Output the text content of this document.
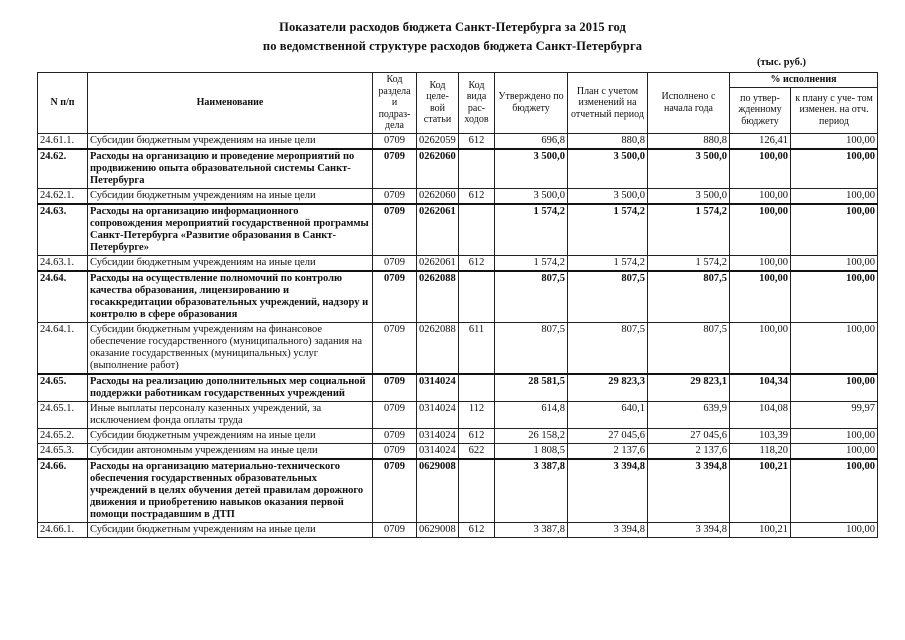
Показатели расходов бюджета Санкт-Петербурга за 2015 год
по ведомственной структуре расходов бюджета Санкт-Петербурга
(тыс. руб.)
N п/п	Наименование	Код раздела и подраз- дела	Код целе- вой статьи	Код вида рас- ходов	Утверждено по бюджету	План с учетом изменений на отчетный период	Исполнено с начала года	% исполнения	
								по утвер- жденному бюджету	к плану с уче- том изменен. на отч. период
24.61.1.	Субсидии бюджетным учреждениям на иные цели	0709	0262059	612	696,8	880,8	880,8	126,41	100,00
24.62.	Расходы на организацию и проведение мероприятий по продвижению опыта образовательной системы Санкт-Петербурга	0709	0262060		3 500,0	3 500,0	3 500,0	100,00	100,00
24.62.1.	Субсидии бюджетным учреждениям на иные цели	0709	0262060	612	3 500,0	3 500,0	3 500,0	100,00	100,00
24.63.	Расходы на организацию информационного сопровождения мероприятий государственной программы Санкт-Петербурга «Развитие образования в Санкт-Петербурге»	0709	0262061		1 574,2	1 574,2	1 574,2	100,00	100,00
24.63.1.	Субсидии бюджетным учреждениям на иные цели	0709	0262061	612	1 574,2	1 574,2	1 574,2	100,00	100,00
24.64.	Расходы на осуществление полномочий по контролю качества образования, лицензированию и госаккредитации образовательных учреждений, надзору и контролю в сфере образования	0709	0262088		807,5	807,5	807,5	100,00	100,00
24.64.1.	Субсидии бюджетным учреждениям на финансовое обеспечение государственного (муниципального) задания на оказание государственных (муниципальных) услуг (выполнение работ)	0709	0262088	611	807,5	807,5	807,5	100,00	100,00
24.65.	Расходы на реализацию дополнительных мер социальной поддержки работникам государственных учреждений	0709	0314024		28 581,5	29 823,3	29 823,1	104,34	100,00
24.65.1.	Иные выплаты персоналу казенных учреждений, за исключением фонда оплаты труда	0709	0314024	112	614,8	640,1	639,9	104,08	99,97
24.65.2.	Субсидии бюджетным учреждениям на иные цели	0709	0314024	612	26 158,2	27 045,6	27 045,6	103,39	100,00
24.65.3.	Субсидии автономным учреждениям на иные цели	0709	0314024	622	1 808,5	2 137,6	2 137,6	118,20	100,00
24.66.	Расходы на организацию материально-технического обеспечения государственных образовательных учреждений в целях обучения детей правилам дорожного движения и приобретению навыков оказания первой помощи пострадавшим в ДТП	0709	0629008		3 387,8	3 394,8	3 394,8	100,21	100,00
24.66.1.	Субсидии бюджетным учреждениям на иные цели	0709	0629008	612	3 387,8	3 394,8	3 394,8	100,21	100,00
